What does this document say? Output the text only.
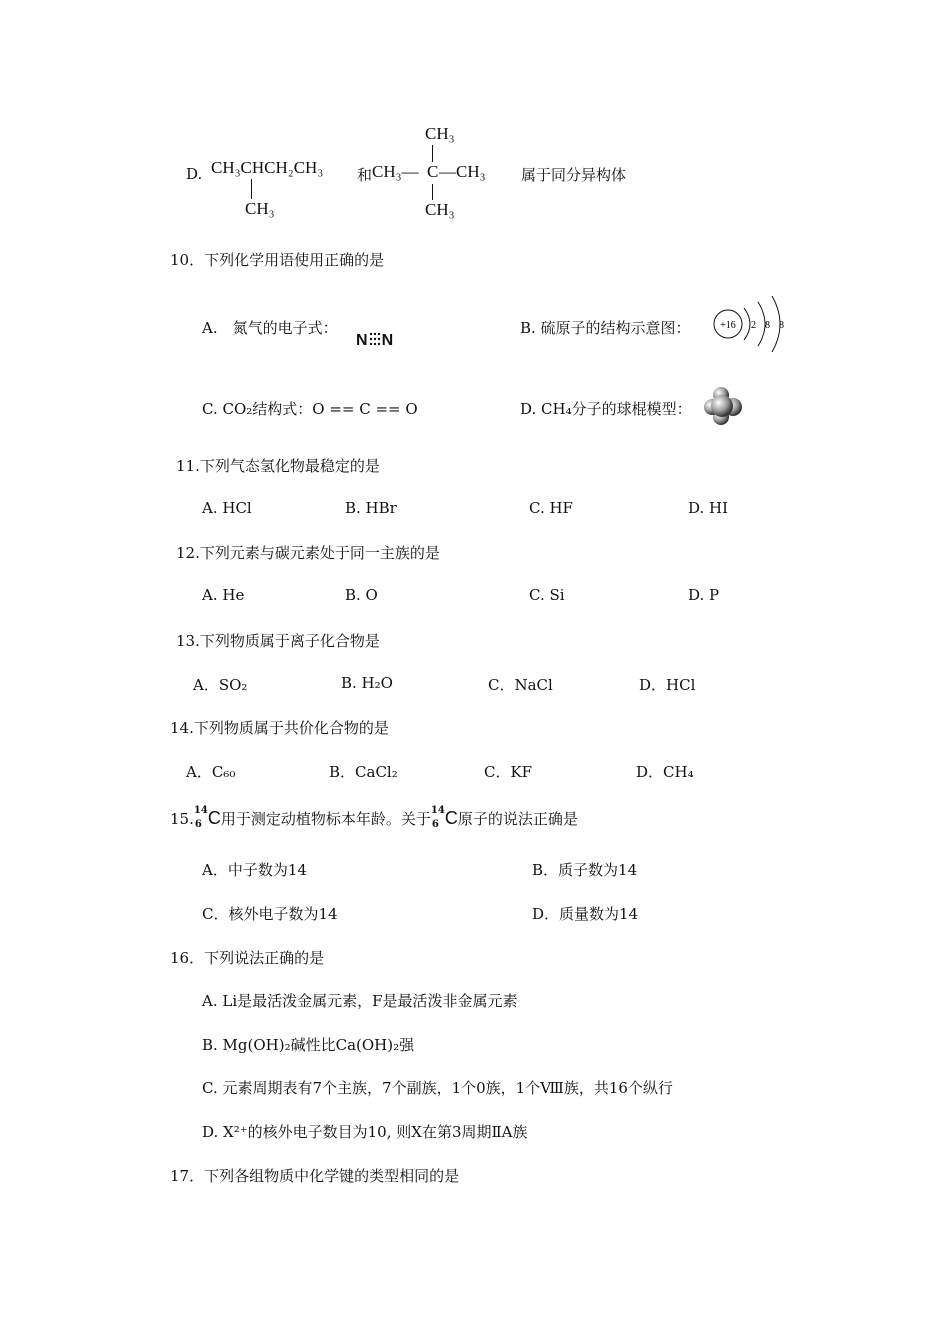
D. CH₃CHCH₂CH₃
CH₃
和
CH₃
CH₃— C —CH₃
CH₃
属于同分异构体
10．下列化学用语使用正确的是
A.　氮气的电子式：
N N
B. 硫原子的结构示意图：	+16 2 8 8
C. CO₂结构式：O == C == O	D. CH₄分子的球棍模型：
11.下列气态氢化物最稳定的是
A. HCl	B. HBr	C. HF	D. HI
12.下列元素与碳元素处于同一主族的是
A. He	B. O	C. Si	D. P
13.下列物质属于离子化合物是
A．SO₂	B. H₂O	C．NaCl	D．HCl
14.下列物质属于共价化合物的是
A．C₆₀	B．CaCl₂	C．KF	D．CH₄
15. 14
6 C用于测定动植物标本年龄。关于 14
6 C原子的说法正确是
A．中子数为14	B．质子数为14
C．核外电子数为14	D．质量数为14
16．下列说法正确的是
A. Li是最活泼金属元素，F是最活泼非金属元素
B. Mg(OH)₂碱性比Ca(OH)₂强
C. 元素周期表有7个主族，7个副族，1个0族，1个Ⅷ族，共16个纵行
D. X²⁺的核外电子数目为10, 则X在第3周期ⅡA族
17．下列各组物质中化学键的类型相同的是
